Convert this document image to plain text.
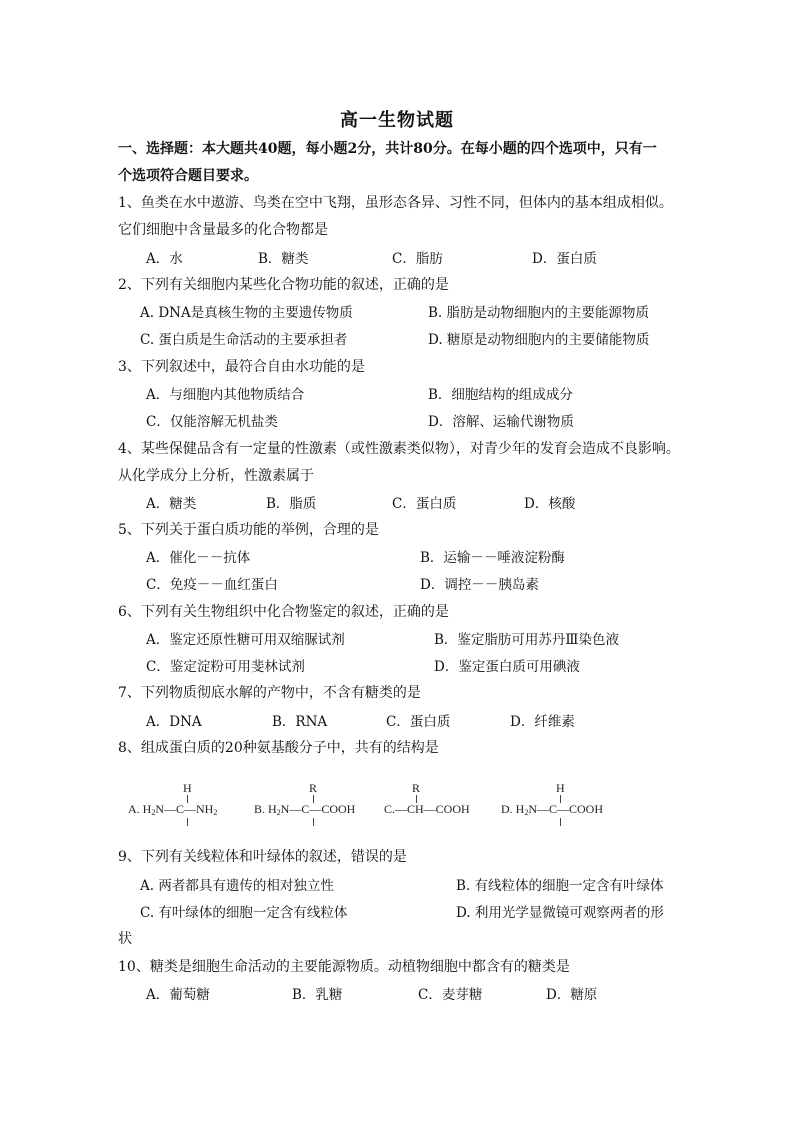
高一生物试题
一、选择题：本大题共40题，每小题2分，共计80分。在每小题的四个选项中，只有一
个选项符合题目要求。
1、鱼类在水中遨游、鸟类在空中飞翔，虽形态各异、习性不同，但体内的基本组成相似。
它们细胞中含量最多的化合物都是
A．水	B．糖类	C．脂肪	D．蛋白质
2、下列有关细胞内某些化合物功能的叙述，正确的是
A. DNA是真核生物的主要遗传物质	B. 脂肪是动物细胞内的主要能源物质
C. 蛋白质是生命活动的主要承担者	D. 糖原是动物细胞内的主要储能物质
3、下列叙述中，最符合自由水功能的是
A．与细胞内其他物质结合	B．细胞结构的组成成分
C．仅能溶解无机盐类	D．溶解、运输代谢物质
4、某些保健品含有一定量的性激素（或性激素类似物），对青少年的发育会造成不良影响。
从化学成分上分析，性激素属于
A．糖类	B．脂质	C．蛋白质	D．核酸
5、下列关于蛋白质功能的举例，合理的是
A．催化－－抗体	B．运输－－唾液淀粉酶
C．免疫－－血红蛋白	D．调控－－胰岛素
6、下列有关生物组织中化合物鉴定的叙述，正确的是
A．鉴定还原性糖可用双缩脲试剂	B．鉴定脂肪可用苏丹Ⅲ染色液
C．鉴定淀粉可用斐林试剂	D．鉴定蛋白质可用碘液
7、下列物质彻底水解的产物中，不含有糖类的是
A．DNA	B．RNA	C．蛋白质	D．纤维素
8、组成蛋白质的20种氨基酸分子中，共有的结构是
H
A. $H_2N—C—NH_2$
R
B. $H_2N—C—COOH$
R
C.—CH—COOH
H
D. $H_2N—C—COOH$
9、下列有关线粒体和叶绿体的叙述，错误的是
A. 两者都具有遗传的相对独立性	B. 有线粒体的细胞一定含有叶绿体
C. 有叶绿体的细胞一定含有线粒体	D. 利用光学显微镜可观察两者的形
状
10、糖类是细胞生命活动的主要能源物质。动植物细胞中都含有的糖类是
A．葡萄糖	B．乳糖	C．麦芽糖	D．糖原
